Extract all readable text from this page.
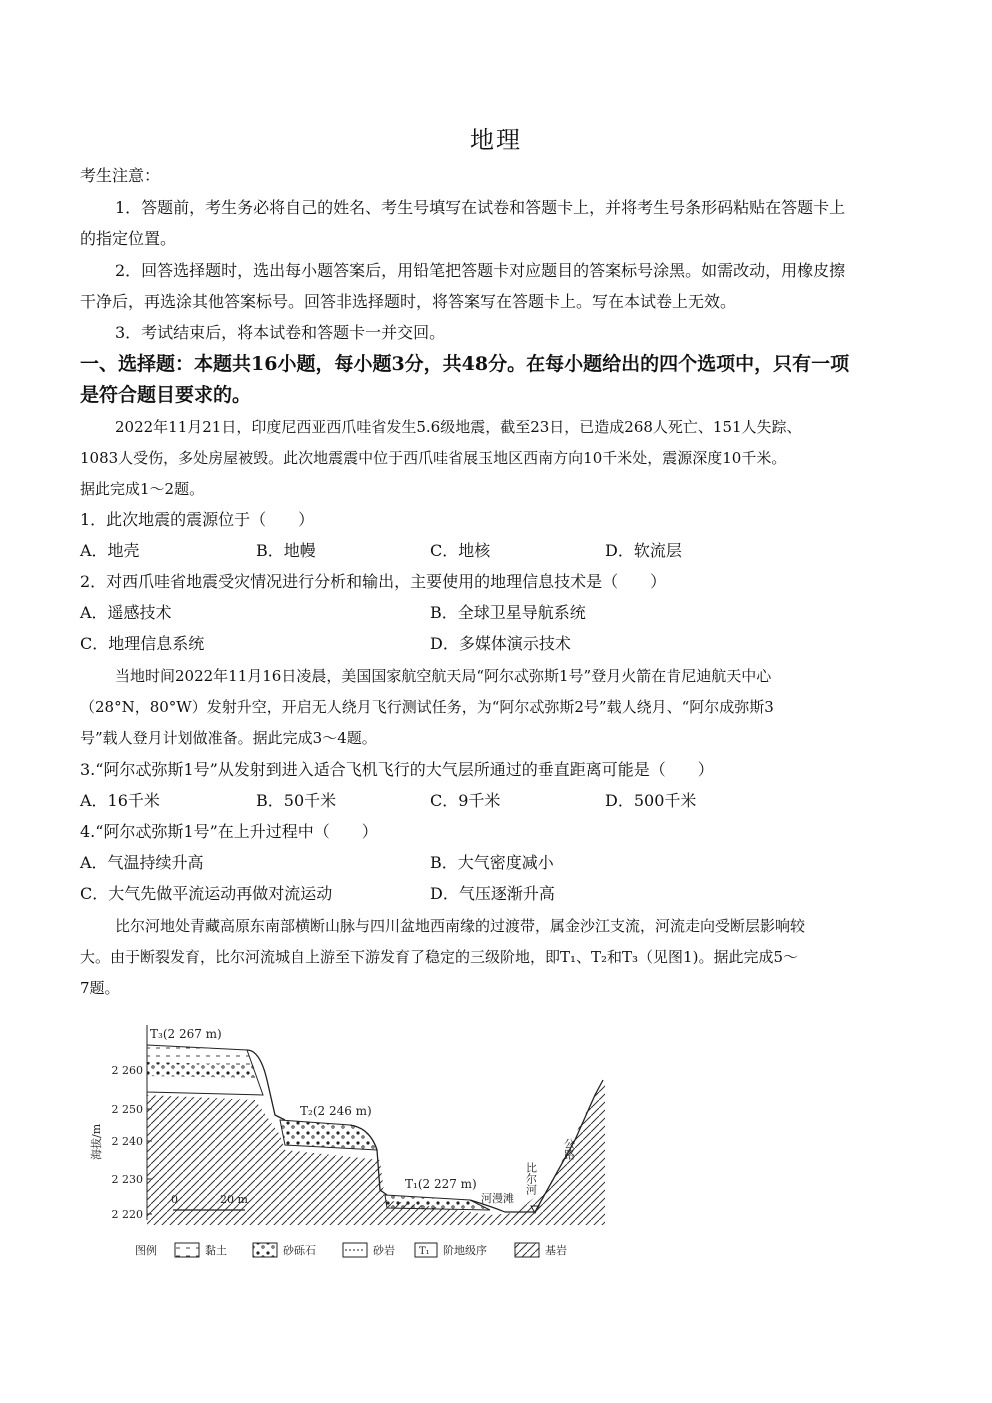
地理
考生注意：
1．答题前，考生务必将自己的姓名、考生号填写在试卷和答题卡上，并将考生号条形码粘贴在答题卡上
的指定位置。
2．回答选择题时，选出每小题答案后，用铅笔把答题卡对应题目的答案标号涂黑。如需改动，用橡皮擦
干净后，再选涂其他答案标号。回答非选择题时，将答案写在答题卡上。写在本试卷上无效。
3．考试结束后，将本试卷和答题卡一并交回。
一、选择题：本题共16小题，每小题3分，共48分。在每小题给出的四个选项中，只有一项
是符合题目要求的。
2022年11月21日，印度尼西亚西爪哇省发生5.6级地震，截至23日，已造成268人死亡、151人失踪、
1083人受伤，多处房屋被毁。此次地震震中位于西爪哇省展玉地区西南方向10千米处，震源深度10千米。
据此完成1～2题。
1．此次地震的震源位于（　　）
A．地壳	B．地幔	C．地核	D．软流层
2．对西爪哇省地震受灾情况进行分析和输出，主要使用的地理信息技术是（　　）
A．遥感技术	B．全球卫星导航系统
C．地理信息系统	D．多媒体演示技术
当地时间2022年11月16日凌晨，美国国家航空航天局“阿尔忒弥斯1号”登月火箭在肯尼迪航天中心
（28°N，80°W）发射升空，开启无人绕月飞行测试任务，为“阿尔忒弥斯2号”载人绕月、“阿尔成弥斯3
号”载人登月计划做准备。据此完成3～4题。
3.“阿尔忒弥斯1号”从发射到进入适合飞机飞行的大气层所通过的垂直距离可能是（　　）
A．16千米	B．50千米	C．9千米	D．500千米
4.“阿尔忒弥斯1号”在上升过程中（　　）
A．气温持续升高	B．大气密度减小
C．大气先做平流运动再做对流运动	D．气压逐渐升高
比尔河地处青藏高原东南部横断山脉与四川盆地西南缘的过渡带，属金沙江支流，河流走向受断层影响较
大。由于断裂发育，比尔河流城自上游至下游发育了稳定的三级阶地，即T₁、T₂和T₃（见图1)。据此完成5～
7题。
2 260
2 250
2 240
2 230
2 220
海拔/m
T₃(2 267 m)
T₂(2 246 m)
T₁(2 227 m)
河漫滩
比尔河
公路
0	20 m
图例	黏土	砂砾石	砂岩 T₁ 阶地级序	基岩
